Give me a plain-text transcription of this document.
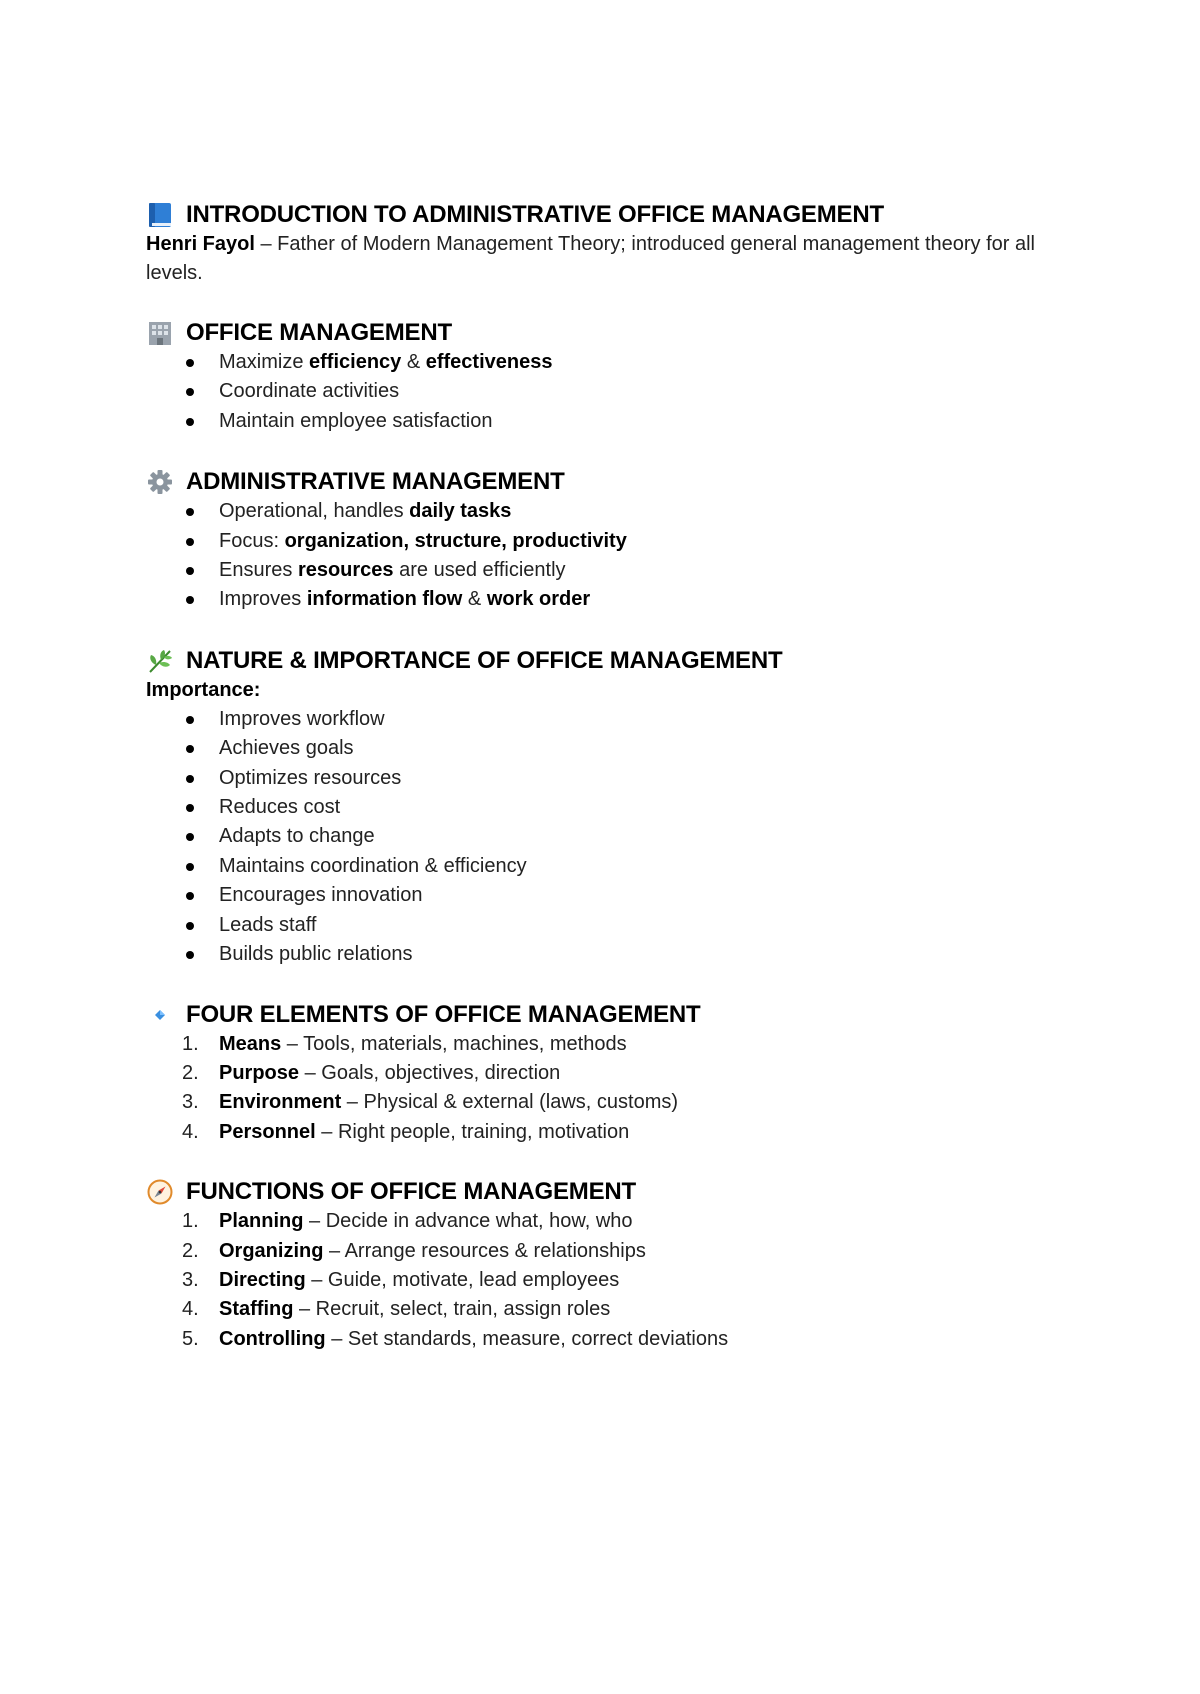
INTRODUCTION TO ADMINISTRATIVE OFFICE MANAGEMENT

Henri Fayol – Father of Modern Management Theory; introduced general management theory for all levels.

OFFICE MANAGEMENT
Maximize efficiency & effectiveness
Coordinate activities
Maintain employee satisfaction
ADMINISTRATIVE MANAGEMENT
Operational, handles daily tasks
Focus: organization, structure, productivity
Ensures resources are used efficiently
Improves information flow & work order
NATURE & IMPORTANCE OF OFFICE MANAGEMENT

Importance:

Improves workflow
Achieves goals
Optimizes resources
Reduces cost
Adapts to change
Maintains coordination & efficiency
Encourages innovation
Leads staff
Builds public relations
FOUR ELEMENTS OF OFFICE MANAGEMENT
1. Means – Tools, materials, machines, methods
2. Purpose – Goals, objectives, direction
3. Environment – Physical & external (laws, customs)
4. Personnel – Right people, training, motivation
FUNCTIONS OF OFFICE MANAGEMENT
1. Planning – Decide in advance what, how, who
2. Organizing – Arrange resources & relationships
3. Directing – Guide, motivate, lead employees
4. Staffing – Recruit, select, train, assign roles
5. Controlling – Set standards, measure, correct deviations
